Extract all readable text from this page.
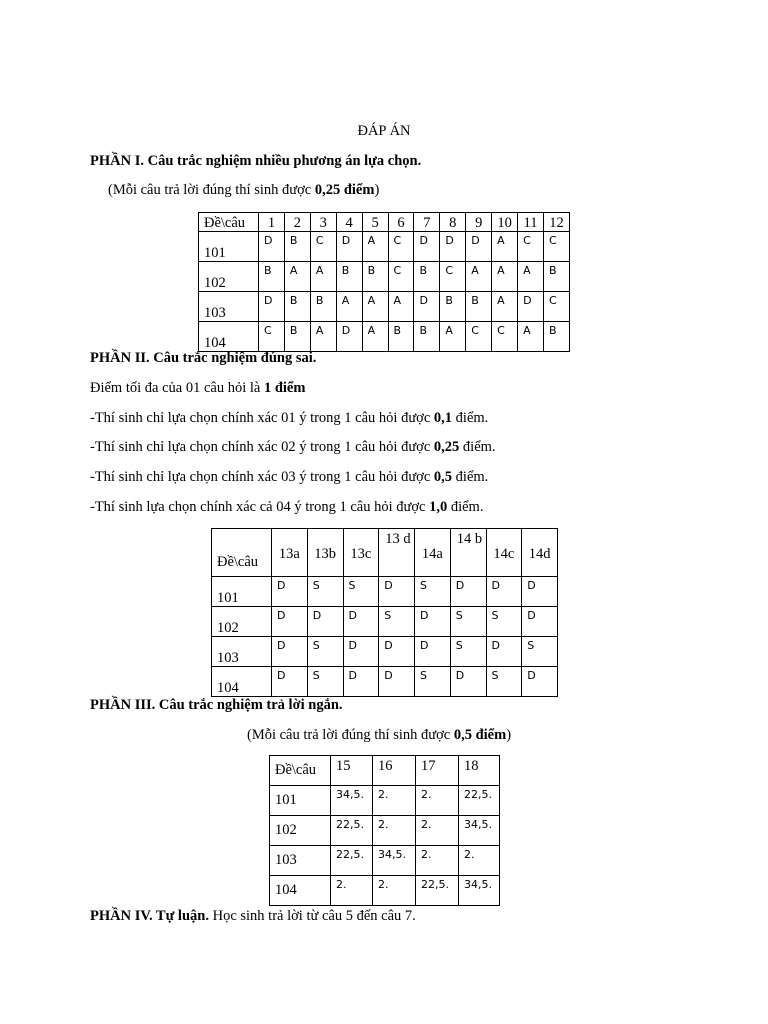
ĐÁP ÁN
PHẦN I. Câu trắc nghiệm nhiều phương án lựa chọn.
(Mỗi câu trả lời đúng thí sinh được 0,25 điểm)
Đề\câu	1	2	3	4	5	6	7	8	9	10	11	12
101	D	B	C	D	A	C	D	D	D	A	C	C
102	B	A	A	B	B	C	B	C	A	A	A	B
103	D	B	B	A	A	A	D	B	B	A	D	C
104	C	B	A	D	A	B	B	A	C	C	A	B
PHẦN II. Câu trắc nghiệm đúng sai.
Điểm tối đa của 01 câu hỏi là 1 điểm
-Thí sinh chỉ lựa chọn chính xác 01 ý trong 1 câu hỏi được 0,1 điểm.
-Thí sinh chỉ lựa chọn chính xác 02 ý trong 1 câu hỏi được 0,25 điểm.
-Thí sinh chỉ lựa chọn chính xác 03 ý trong 1 câu hỏi được 0,5 điểm.
-Thí sinh lựa chọn chính xác cả 04 ý trong 1 câu hỏi được 1,0 điểm.
Đề\câu	13a	13b	13c	13 d	14a	14 b	14c	14d
101	D	S	S	D	S	D	D	D
102	D	D	D	S	D	S	S	D
103	D	S	D	D	D	S	D	S
104	D	S	D	D	S	D	S	D
PHẦN III. Câu trắc nghiệm trả lời ngắn.
(Mỗi câu trả lời đúng thí sinh được 0,5 điểm)
Đề\câu	15	16	17	18
101	34,5.	2.	2.	22,5.
102	22,5.	2.	2.	34,5.
103	22,5.	34,5.	2.	2.
104	2.	2.	22,5.	34,5.
PHẦN IV. Tự luận. Học sinh trả lời từ câu 5 đến câu 7.
